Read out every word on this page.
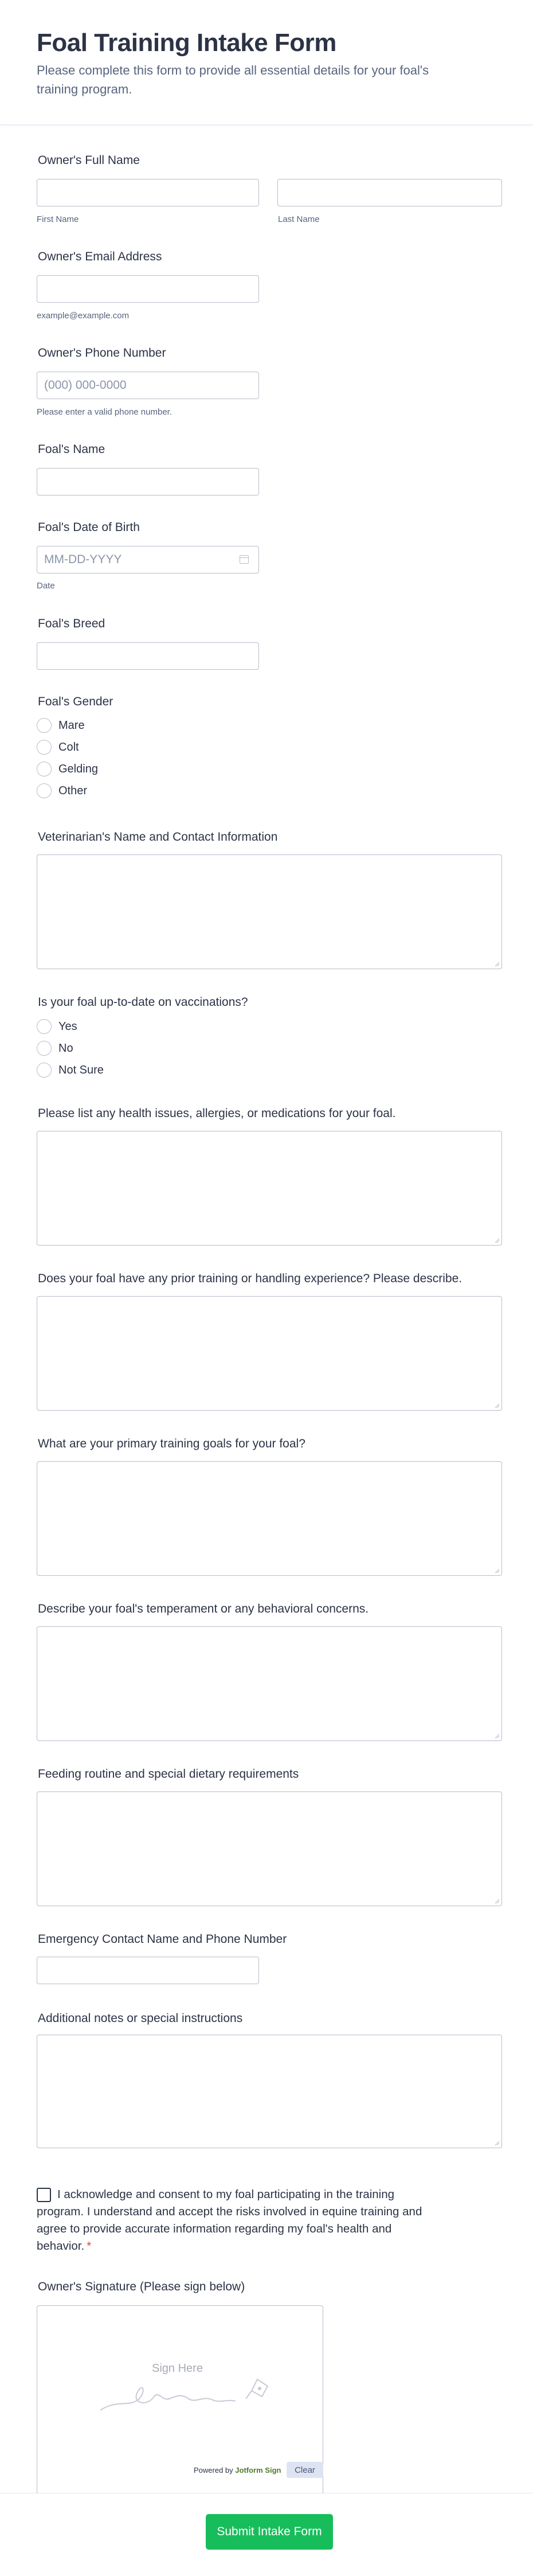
Foal Training Intake Form

Please complete this form to provide all essential details for your foal's training program.

Owner's Full Name
First Name	Last Name
Owner's Email Address
example@example.com
Owner's Phone Number
(000) 000-0000
Please enter a valid phone number.
Foal's Name
Foal's Date of Birth
MM-DD-YYYY
Date
Foal's Breed
Foal's Gender
Mare
Colt
Gelding
Other
Veterinarian's Name and Contact Information
Is your foal up-to-date on vaccinations?
Yes
No
Not Sure
Please list any health issues, allergies, or medications for your foal.
Does your foal have any prior training or handling experience? Please describe.
What are your primary training goals for your foal?
Describe your foal's temperament or any behavioral concerns.
Feeding routine and special dietary requirements
Emergency Contact Name and Phone Number
Additional notes or special instructions
I acknowledge and consent to my foal participating in the training program. I understand and accept the risks involved in equine training and agree to provide accurate information regarding my foal's health and behavior. *
Owner's Signature (Please sign below)
Sign Here
Powered by Jotform Sign	Clear
Submit Intake Form
